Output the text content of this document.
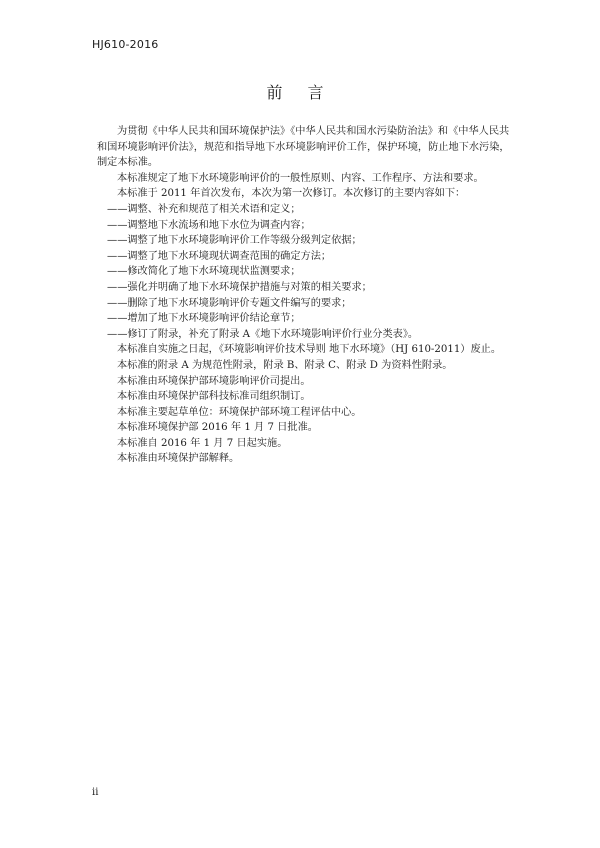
HJ610-2016
前 言

为贯彻《中华人民共和国环境保护法》《中华人民共和国水污染防治法》和《中华人民共和国环境影响评价法》，规范和指导地下水环境影响评价工作，保护环境，防止地下水污染，制定本标准。

本标准规定了地下水环境影响评价的一般性原则、内容、工作程序、方法和要求。

本标准于 2011 年首次发布，本次为第一次修订。本次修订的主要内容如下：

——调整、补充和规范了相关术语和定义；

——调整地下水流场和地下水位为调查内容；

——调整了地下水环境影响评价工作等级分级判定依据；

——调整了地下水环境现状调查范围的确定方法；

——修改简化了地下水环境现状监测要求；

——强化并明确了地下水环境保护措施与对策的相关要求；

——删除了地下水环境影响评价专题文件编写的要求；

——增加了地下水环境影响评价结论章节；

——修订了附录，补充了附录 A《地下水环境影响评价行业分类表》。

本标准自实施之日起，《环境影响评价技术导则 地下水环境》（HJ 610-2011）废止。

本标准的附录 A 为规范性附录，附录 B、附录 C、附录 D 为资料性附录。

本标准由环境保护部环境影响评价司提出。

本标准由环境保护部科技标准司组织制订。

本标准主要起草单位：环境保护部环境工程评估中心。

本标准环境保护部 2016 年 1 月 7 日批准。

本标准自 2016 年 1 月 7 日起实施。

本标准由环境保护部解释。

ii
